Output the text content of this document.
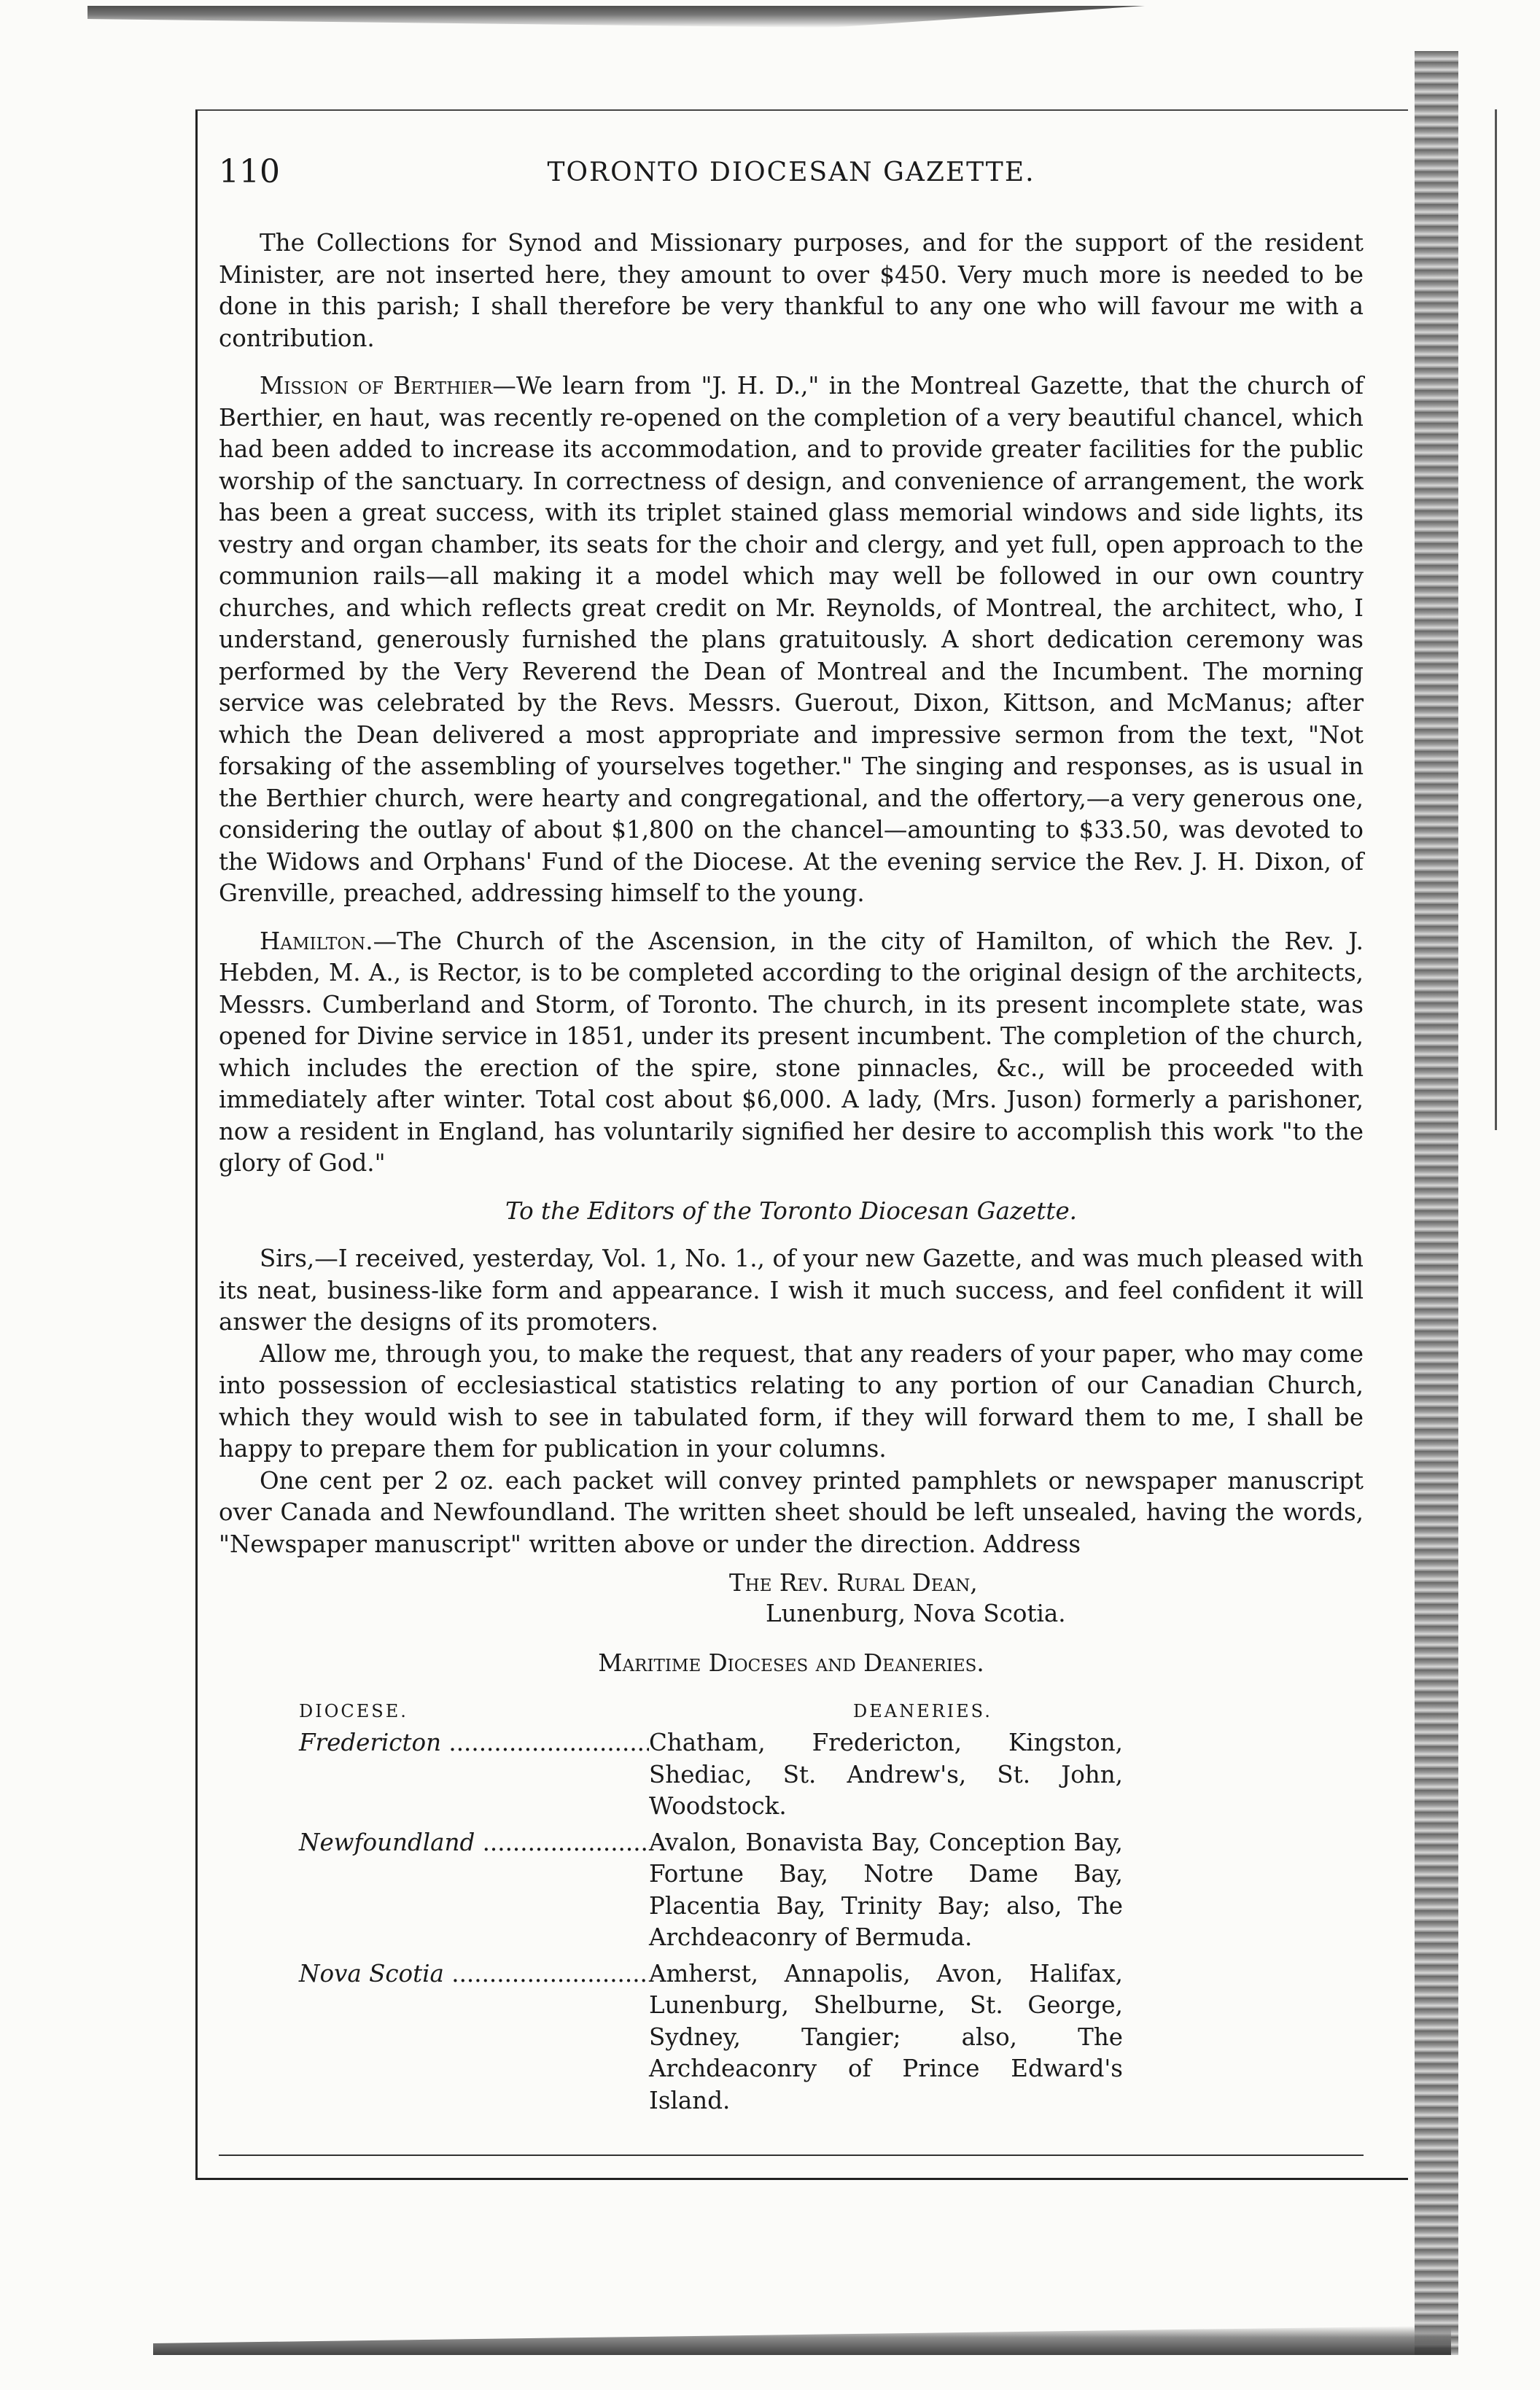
110	TORONTO DIOCESAN GAZETTE.

The Collections for Synod and Missionary purposes, and for the support of the resident Minister, are not inserted here, they amount to over $450. Very much more is needed to be done in this parish; I shall therefore be very thankful to any one who will favour me with a contribution.

Mission of Berthier—We learn from "J. H. D.," in the Montreal Gazette, that the church of Berthier, en haut, was recently re-opened on the completion of a very beautiful chancel, which had been added to increase its accommodation, and to provide greater facilities for the public worship of the sanctuary. In correctness of design, and convenience of arrangement, the work has been a great success, with its triplet stained glass memorial windows and side lights, its vestry and organ chamber, its seats for the choir and clergy, and yet full, open approach to the communion rails—all making it a model which may well be followed in our own country churches, and which reflects great credit on Mr. Reynolds, of Montreal, the architect, who, I understand, generously furnished the plans gratuitously. A short dedication ceremony was performed by the Very Reverend the Dean of Montreal and the Incumbent. The morning service was celebrated by the Revs. Messrs. Guerout, Dixon, Kittson, and McManus; after which the Dean delivered a most appropriate and impressive sermon from the text, "Not forsaking of the assembling of yourselves together." The singing and responses, as is usual in the Berthier church, were hearty and congregational, and the offertory,—a very generous one, considering the outlay of about $1,800 on the chancel—amounting to $33.50, was devoted to the Widows and Orphans' Fund of the Diocese. At the evening service the Rev. J. H. Dixon, of Grenville, preached, addressing himself to the young.

Hamilton.—The Church of the Ascension, in the city of Hamilton, of which the Rev. J. Hebden, M. A., is Rector, is to be completed according to the original design of the architects, Messrs. Cumberland and Storm, of Toronto. The church, in its present incomplete state, was opened for Divine service in 1851, under its present incumbent. The completion of the church, which includes the erection of the spire, stone pinnacles, &c., will be proceeded with immediately after winter. Total cost about $6,000. A lady, (Mrs. Juson) formerly a parishoner, now a resident in England, has voluntarily signified her desire to accomplish this work "to the glory of God."

To the Editors of the Toronto Diocesan Gazette.

Sirs,—I received, yesterday, Vol. 1, No. 1., of your new Gazette, and was much pleased with its neat, business-like form and appearance. I wish it much success, and feel confident it will answer the designs of its promoters.

Allow me, through you, to make the request, that any readers of your paper, who may come into possession of ecclesiastical statistics relating to any portion of our Canadian Church, which they would wish to see in tabulated form, if they will forward them to me, I shall be happy to prepare them for publication in your columns.

One cent per 2 oz. each packet will convey printed pamphlets or newspaper manuscript over Canada and Newfoundland. The written sheet should be left unsealed, having the words, "Newspaper manuscript" written above or under the direction. Address

The Rev. Rural Dean,
Lunenburg, Nova Scotia.

Maritime Dioceses and Deaneries.

DIOCESE.	DEANERIES.
Fredericton .....	Chatham, Fredericton, Kingston, Shediac, St. Andrew's, St. John, Woodstock.
Newfoundland .....	Avalon, Bonavista Bay, Conception Bay, Fortune Bay, Notre Dame Bay, Placentia Bay, Trinity Bay; also, The Archdeaconry of Bermuda.
Nova Scotia .....	Amherst, Annapolis, Avon, Halifax, Lunenburg, Shelburne, St. George, Sydney, Tangier; also, The Archdeaconry of Prince Edward's Island.
